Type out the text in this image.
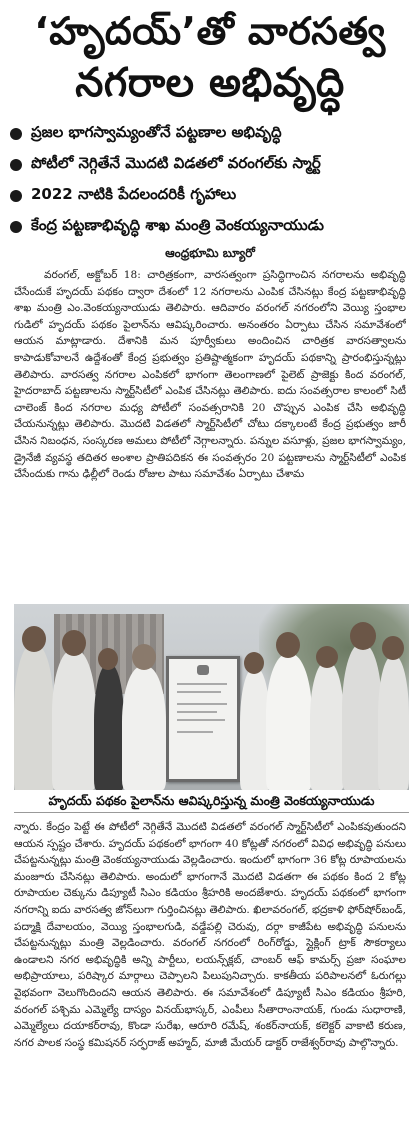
‘హృదయ్’తో వారసత్వ
నగరాల అభివృద్ధి
ప్రజల భాగస్వామ్యంతోనే పట్టణాల అభివృద్ధి
పోటీలో నెగ్గితేనే మొదటి విడతలో వరంగల్‌కు స్మార్ట్
2022 నాటికి పేదలందరికీ గృహాలు
కేంద్ర పట్టణాభివృద్ధి శాఖ మంత్రి వెంకయ్యనాయుడు
ఆంధ్రభూమి బ్యూరో

వరంగల్, అక్టోబర్ 18: చారిత్రకంగా, వారసత్వంగా ప్రసిద్ధిగాంచిన నగరాలను అభివృద్ధి చేసేందుకే హృదయ్ పథకం ద్వారా దేశంలో 12 నగరాలను ఎంపిక చేసినట్లు కేంద్ర పట్టణాభివృద్ధి శాఖ మంత్రి ఎం.వెంకయ్యనాయుడు తెలిపారు. ఆదివారం వరంగల్ నగరంలోని వెయ్యి స్తంభాల గుడిలో హృదయ్ పథకం పైలాన్‌ను ఆవిష్కరించారు. అనంతరం ఏర్పాటు చేసిన సమావేశంలో ఆయన మాట్లాడారు. దేశానికి మన పూర్వీకులు అందించిన చారిత్రక వారసత్వాలను కాపాడుకోవాలనే ఉద్దేశంతో కేంద్ర ప్రభుత్వం ప్రతిష్టాత్మకంగా హృదయ్ పథకాన్ని ప్రారంభిస్తున్నట్లు తెలిపారు. వారసత్వ నగరాల ఎంపికలో భాగంగా తెలంగాణలో పైలెట్ ప్రాజెక్టు కింద వరంగల్, హైదరాబాద్ పట్టణాలను స్మార్ట్‌సిటీలో ఎంపిక చేసినట్లు తెలిపారు. ఐదు సంవత్సరాల కాలంలో సిటీ చాలెంజ్ కింద నగరాల మధ్య పోటీలో సంవత్సరానికి 20 చొప్పున ఎంపిక చేసి అభివృద్ధి చేయనున్నట్లు తెలిపారు. మొదటి విడతలో స్మార్ట్‌సిటీలో చోటు దక్కాలంటే కేంద్ర ప్రభుత్వం జారీ చేసిన నిబంధన, సంస్కరణ అమలు పోటీలో నెగ్గాలన్నారు. పన్నుల వసూళ్లు, ప్రజల భాగస్వామ్యం, డ్రైనేజీ వ్యవస్థ తదితర అంశాల ప్రాతిపదికన ఈ సంవత్సరం 20 పట్టణాలను స్మార్ట్‌సిటీలో ఎంపిక చేసేందుకు గాను ఢిల్లీలో రెండు రోజుల పాటు సమావేశం ఏర్పాటు చేశామ

హృదయ్ పథకం పైలాన్‌ను ఆవిష్కరిస్తున్న మంత్రి వెంకయ్యనాయుడు

న్నారు. కేంద్రం పెట్టే ఈ పోటీలో నెగ్గితేనే మొదటి విడతలో వరంగల్ స్మార్ట్‌సిటీలో ఎంపికవుతుందని ఆయన స్పష్టం చేశారు. హృదయ్ పథకంలో భాగంగా 40 కోట్లతో నగరంలో వివిధ అభివృద్ధి పనులు చేపట్టనున్నట్లు మంత్రి వెంకయ్యనాయుడు వెల్లడించారు. ఇందులో భాగంగా 36 కోట్ల రూపాయలను మంజూరు చేసినట్లు తెలిపారు. అందులో భాగంగానే మొదటి విడతగా ఈ పథకం కింద 2 కోట్ల రూపాయల చెక్కును డిప్యూటీ సిఎం కడియం శ్రీహరికి అందజేశారు. హృదయ్ పథకంలో భాగంగా నగరాన్ని ఐదు వారసత్వ జోన్‌లుగా గుర్తించినట్లు తెలిపారు. ఖిలావరంగల్, భద్రకాళి ఫోర్‌షోర్‌బండ్, పద్మాక్షి దేవాలయం, వెయ్యి స్తంభాలగుడి, వడ్డేపల్లి చెరువు, దర్గా కాజీపేట అభివృద్ధి పనులను చేపట్టనున్నట్లు మంత్రి వెల్లడించారు. వరంగల్ నగరంలో రింగ్‌రోడ్డు, స్లైక్లింగ్ ట్రాక్ సౌకర్యాలు ఉండాలని నగర అభివృద్ధికి అన్ని పార్టీలు, లయన్స్‌క్లబ్, చాంబర్ ఆఫ్ కామర్స్ ప్రజా సంఘాల అభిప్రాయాలు, పరిష్కార మార్గాలు చెప్పాలని పిలుపునిచ్చారు. కాకతీయ పరిపాలనలో ఓరుగల్లు వైభవంగా వెలుగొందిందని ఆయన తెలిపారు. ఈ సమావేశంలో డిప్యూటీ సిఎం కడియం శ్రీహరి, వరంగల్ పశ్చిమ ఎమ్మెల్యే దాస్యం వినయ్‌భాస్కర్, ఎంపీలు సీతారాంనాయక్, గుండు సుధారాణి, ఎమ్మెల్యేలు దయాకర్‌రావు, కొండా సురేఖ, ఆరూరి రమేష్, శంకర్‌నాయక్, కలెక్టర్ వాకాటి కరుణ, నగర పాలక సంస్థ కమిషనర్ సర్ఫరాజ్ అహ్మద్, మాజీ మేయర్ డాక్టర్ రాజేశ్వర్‌రావు పాల్గొన్నారు.
